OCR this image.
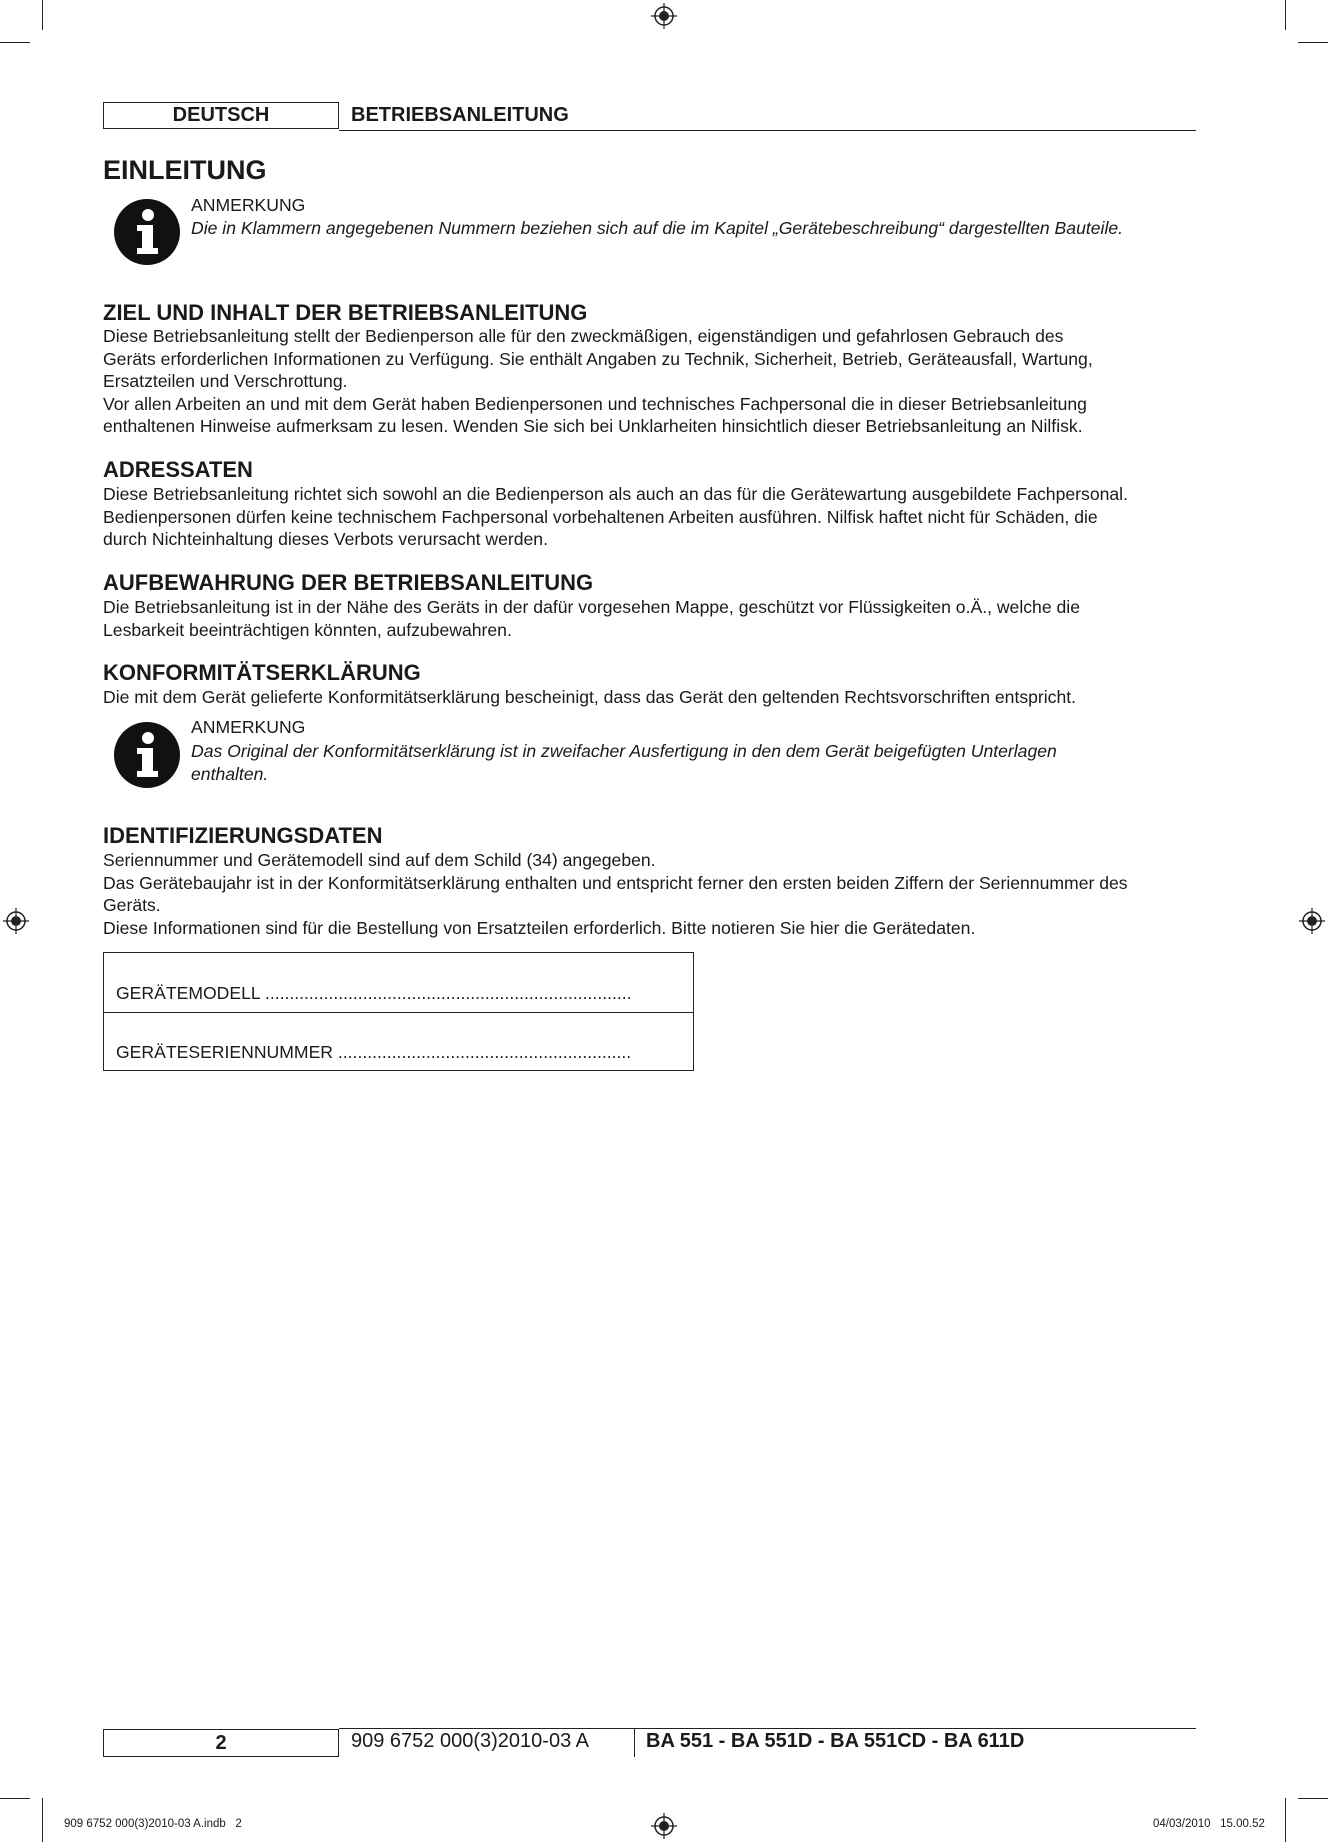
DEUTSCH	BETRIEBSANLEITUNG
EINLEITUNG
ANMERKUNG
Die in Klammern angegebenen Nummern beziehen sich auf die im Kapitel „Gerätebeschreibung“ dargestellten Bauteile.
ZIEL UND INHALT DER BETRIEBSANLEITUNG

Diese Betriebsanleitung stellt der Bedienperson alle für den zweckmäßigen, eigenständigen und gefahrlosen Gebrauch des
Geräts erforderlichen Informationen zu Verfügung. Sie enthält Angaben zu Technik, Sicherheit, Betrieb, Geräteausfall, Wartung,
Ersatzteilen und Verschrottung.
Vor allen Arbeiten an und mit dem Gerät haben Bedienpersonen und technisches Fachpersonal die in dieser Betriebsanleitung
enthaltenen Hinweise aufmerksam zu lesen. Wenden Sie sich bei Unklarheiten hinsichtlich dieser Betriebsanleitung an Nilfisk.

ADRESSATEN

Diese Betriebsanleitung richtet sich sowohl an die Bedienperson als auch an das für die Gerätewartung ausgebildete Fachpersonal.
Bedienpersonen dürfen keine technischem Fachpersonal vorbehaltenen Arbeiten ausführen. Nilfisk haftet nicht für Schäden, die
durch Nichteinhaltung dieses Verbots verursacht werden.

AUFBEWAHRUNG DER BETRIEBSANLEITUNG

Die Betriebsanleitung ist in der Nähe des Geräts in der dafür vorgesehen Mappe, geschützt vor Flüssigkeiten o.Ä., welche die
Lesbarkeit beeinträchtigen könnten, aufzubewahren.

KONFORMITÄTSERKLÄRUNG

Die mit dem Gerät gelieferte Konformitätserklärung bescheinigt, dass das Gerät den geltenden Rechtsvorschriften entspricht.

ANMERKUNG
Das Original der Konformitätserklärung ist in zweifacher Ausfertigung in den dem Gerät beigefügten Unterlagen
enthalten.
IDENTIFIZIERUNGSDATEN

Seriennummer und Gerätemodell sind auf dem Schild (34) angegeben.
Das Gerätebaujahr ist in der Konformitätserklärung enthalten und entspricht ferner den ersten beiden Ziffern der Seriennummer des
Geräts.
Diese Informationen sind für die Bestellung von Ersatzteilen erforderlich. Bitte notieren Sie hier die Gerätedaten.

GERÄTEMODELL ...........................................................................
GERÄTESERIENNUMMER ............................................................
2	909 6752 000(3)2010-03 A	BA 551 - BA 551D - BA 551CD - BA 611D
909 6752 000(3)2010-03 A.indb   2	04/03/2010   15.00.52
